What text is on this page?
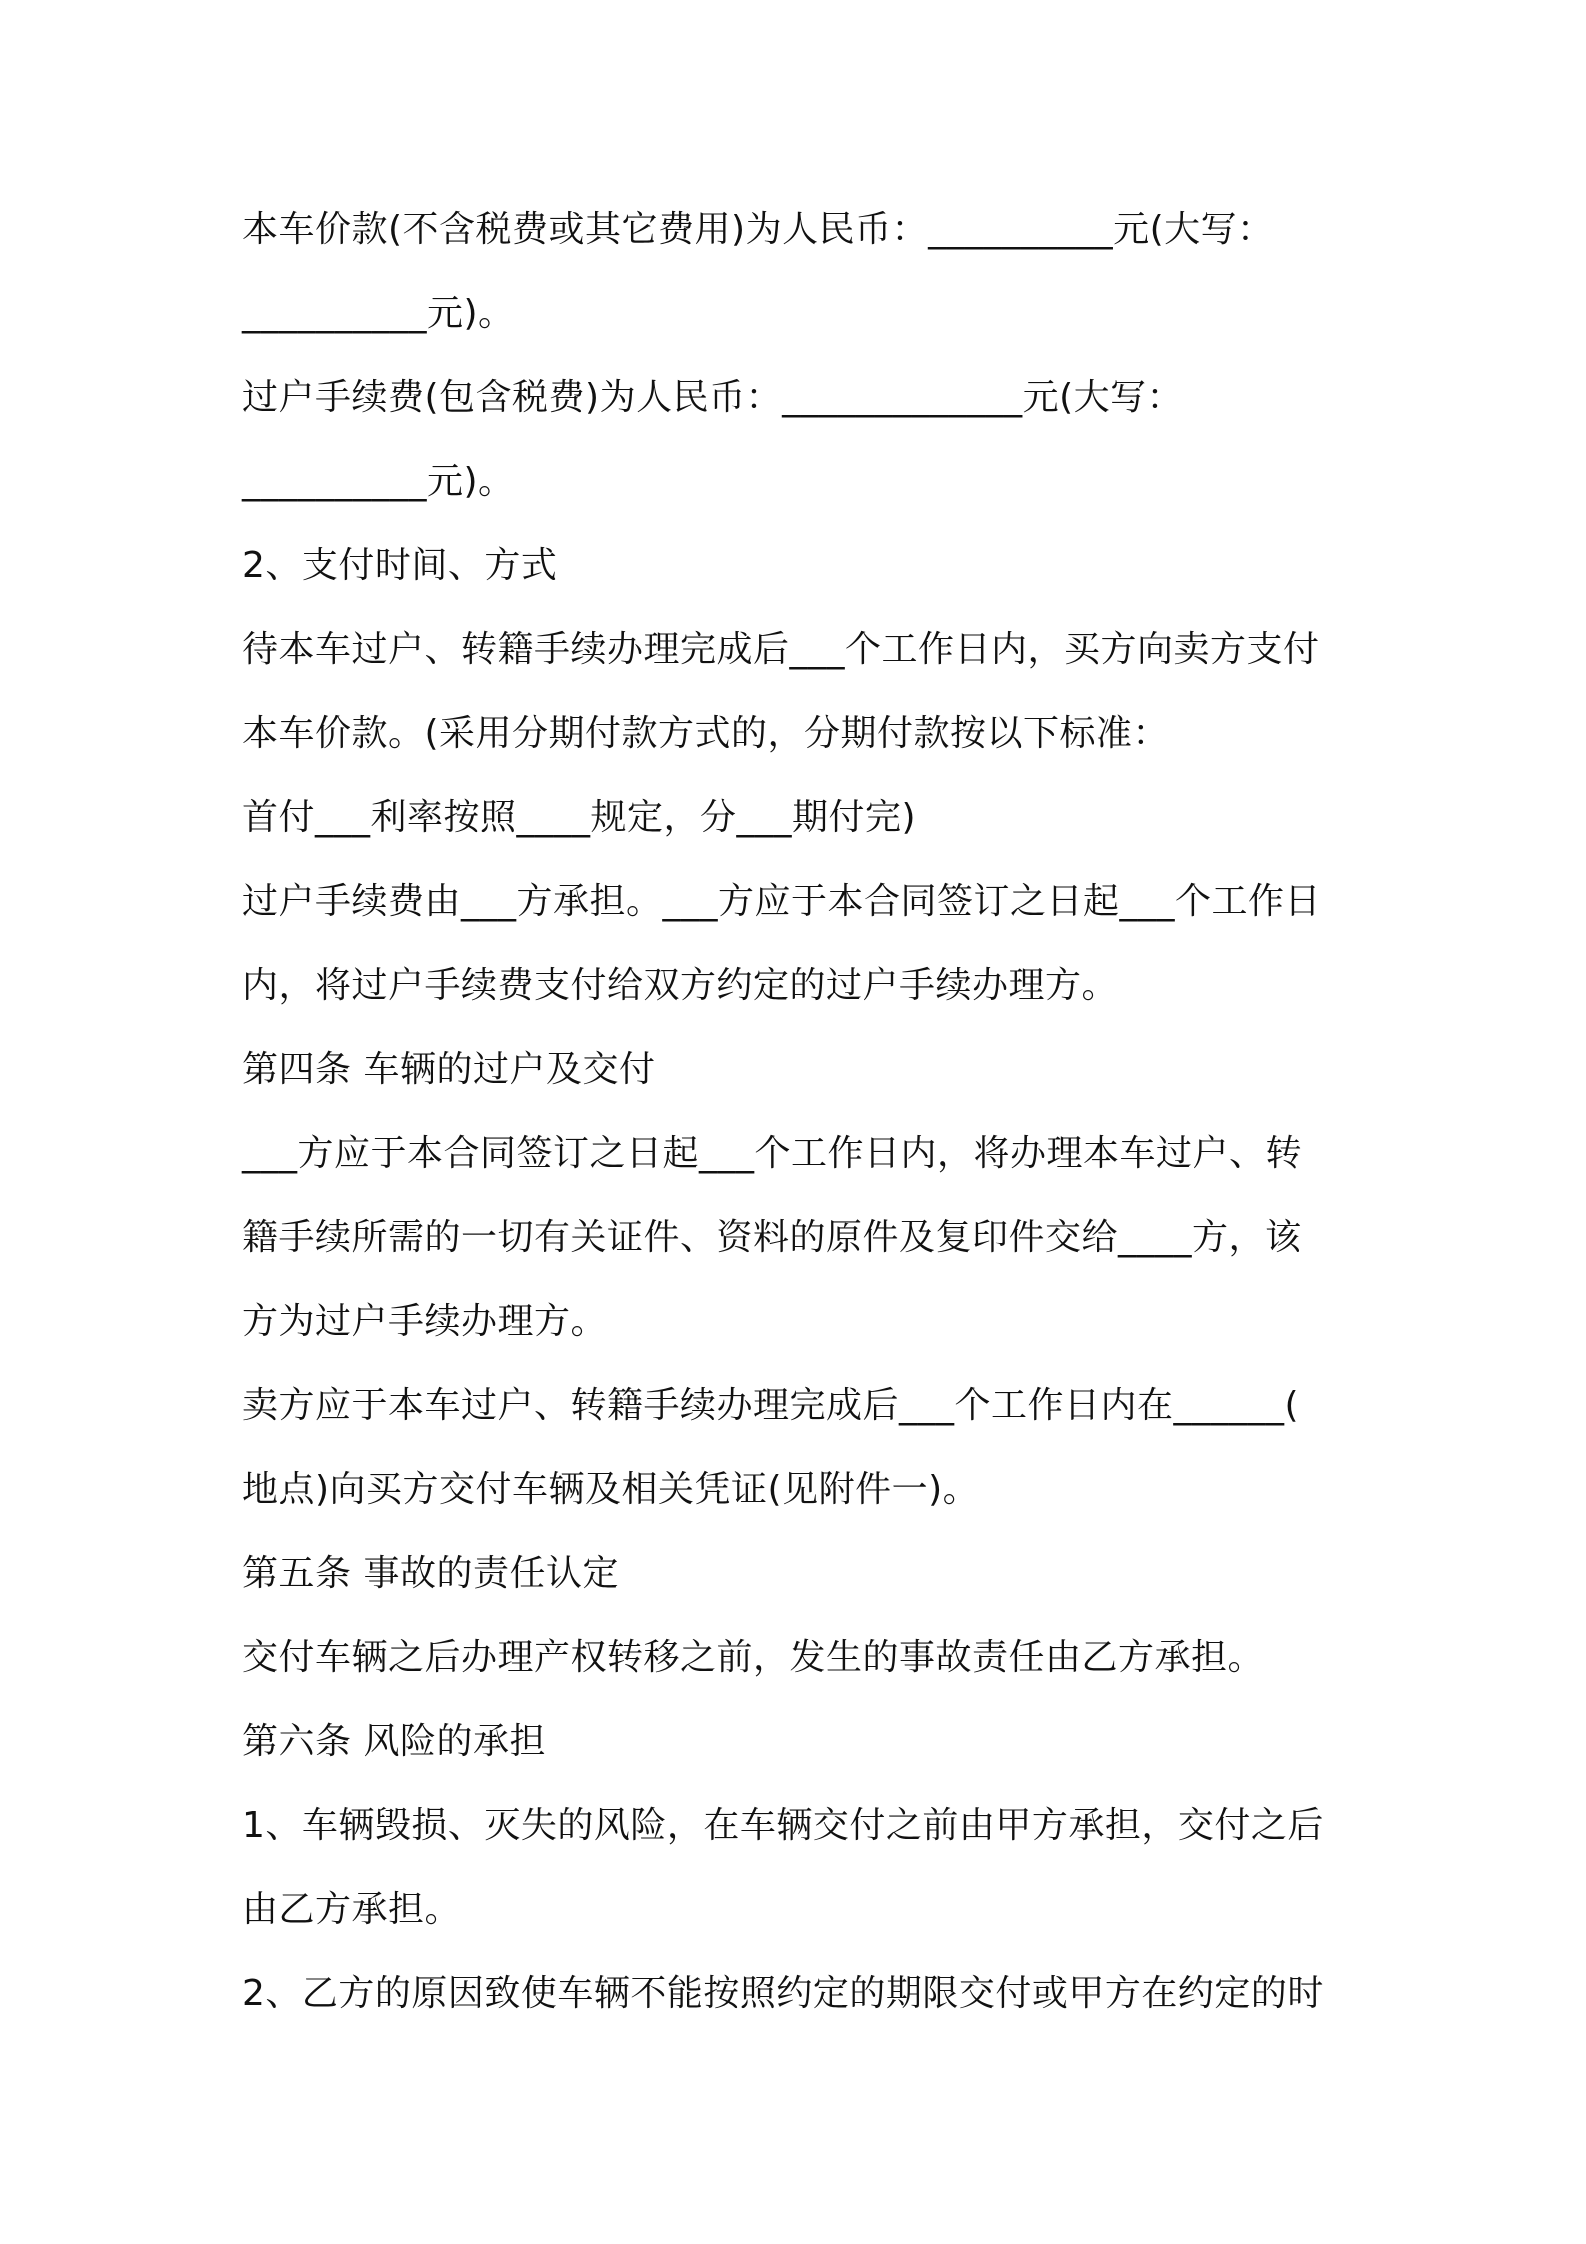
本车价款(不含税费或其它费用)为人民币：__________元(大写：
__________元)。
过户手续费(包含税费)为人民币：_____________元(大写：
__________元)。
2、支付时间、方式
待本车过户、转籍手续办理完成后___个工作日内，买方向卖方支付
本车价款。(采用分期付款方式的，分期付款按以下标准：
首付___利率按照____规定，分___期付完)
过户手续费由___方承担。___方应于本合同签订之日起___个工作日
内，将过户手续费支付给双方约定的过户手续办理方。
第四条 车辆的过户及交付
___方应于本合同签订之日起___个工作日内，将办理本车过户、转
籍手续所需的一切有关证件、资料的原件及复印件交给____方，该
方为过户手续办理方。
卖方应于本车过户、转籍手续办理完成后___个工作日内在______(
地点)向买方交付车辆及相关凭证(见附件一)。
第五条 事故的责任认定
交付车辆之后办理产权转移之前，发生的事故责任由乙方承担。
第六条 风险的承担
1、车辆毁损、灭失的风险，在车辆交付之前由甲方承担，交付之后
由乙方承担。
2、乙方的原因致使车辆不能按照约定的期限交付或甲方在约定的时
